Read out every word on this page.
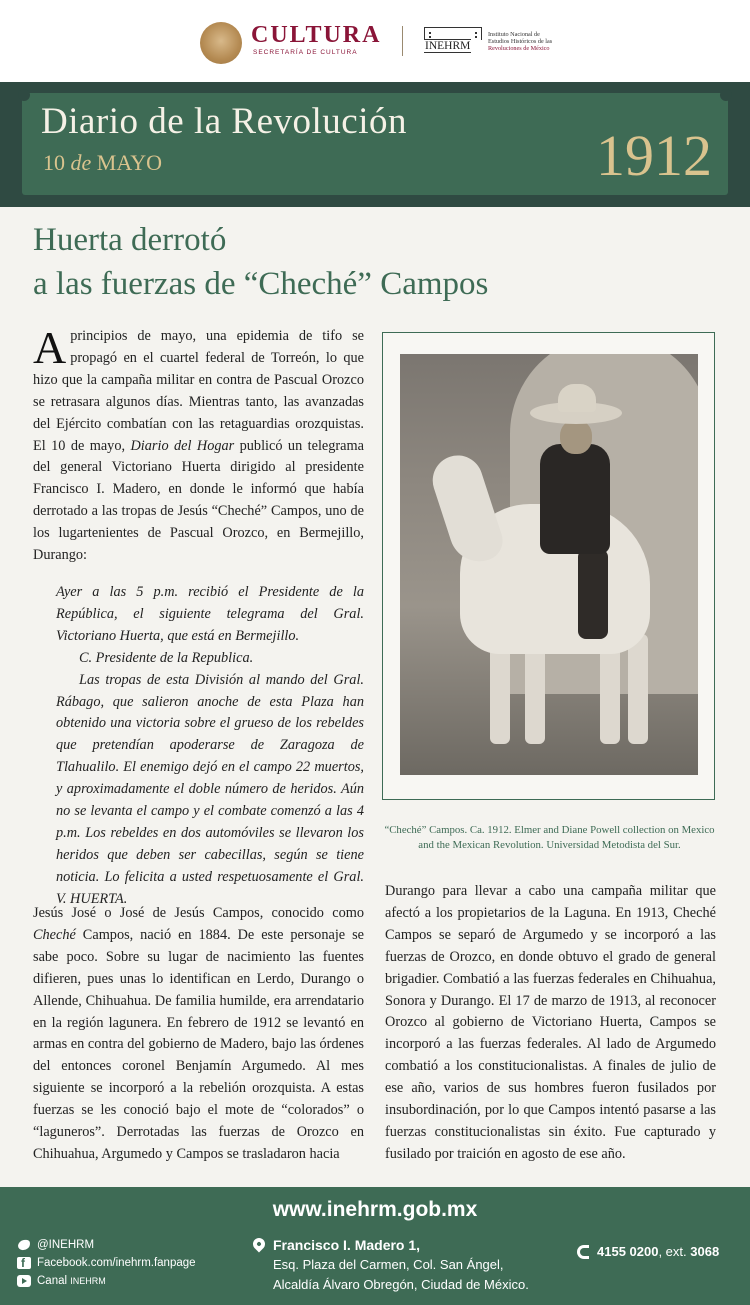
CULTURA
SECRETARÍA DE CULTURA
INEHRM
Instituto Nacional de
Estudios Históricos de las
Revoluciones de México
Diario de la Revolución
10 de MAYO	1912
Huerta derrotó
a las fuerzas de “Cheché” Campos
Aprincipios de mayo, una epidemia de tifo se propagó en el cuartel federal de Torreón, lo que hizo que la campaña militar en contra de Pascual Orozco se retrasara algunos días. Mientras tanto, las avanzadas del Ejército combatían con las retaguardias orozquistas. El 10 de mayo, Diario del Hogar publicó un telegrama del general Victoriano Huerta dirigido al presidente Francisco I. Madero, en donde le informó que había derrotado a las tropas de Jesús “Cheché” Campos, uno de los lugartenientes de Pascual Orozco, en Bermejillo, Durango:
Ayer a las 5 p.m. recibió el Presidente de la República, el siguiente telegrama del Gral. Victoriano Huerta, que está en Bermejillo.
C. Presidente de la Republica.
Las tropas de esta División al mando del Gral. Rábago, que salieron anoche de esta Plaza han obtenido una victoria sobre el grueso de los rebeldes que pretendían apoderarse de Zaragoza de Tlahualilo. El enemigo dejó en el campo 22 muertos, y aproximadamente el doble número de heridos. Aún no se levanta el campo y el combate comenzó a las 4 p.m. Los rebeldes en dos automóviles se llevaron los heridos que deben ser cabecillas, según se tiene noticia. Lo felicita a usted respetuosamente el Gral. V. HUERTA.
Jesús José o José de Jesús Campos, conocido como Cheché Campos, nació en 1884. De este personaje se sabe poco. Sobre su lugar de nacimiento las fuentes difieren, pues unas lo identifican en Lerdo, Durango o Allende, Chihuahua. De familia humilde, era arrendatario en la región lagunera. En febrero de 1912 se levantó en armas en contra del gobierno de Madero, bajo las órdenes del entonces coronel Benjamín Argumedo. Al mes siguiente se incorporó a la rebelión orozquista. A estas fuerzas se les conoció bajo el mote de “colorados” o “laguneros”. Derrotadas las fuerzas de Orozco en Chihuahua, Argumedo y Campos se trasladaron hacia
“Cheché” Campos. Ca. 1912. Elmer and Diane Powell collection on Mexico and the Mexican Revolution. Universidad Metodista del Sur.
Durango para llevar a cabo una campaña militar que afectó a los propietarios de la Laguna. En 1913, Cheché Campos se separó de Argumedo y se incorporó a las fuerzas de Orozco, en donde obtuvo el grado de general brigadier. Combatió a las fuerzas federales en Chihuahua, Sonora y Durango. El 17 de marzo de 1913, al reconocer Orozco al gobierno de Victoriano Huerta, Campos se incorporó a las fuerzas federales. Al lado de Argumedo combatió a los constitucionalistas. A finales de julio de ese año, varios de sus hombres fueron fusilados por insubordinación, por lo que Campos intentó pasarse a las fuerzas constitucionalistas sin éxito. Fue capturado y fusilado por traición en agosto de ese año.
www.inehrm.gob.mx
@INEHRM
f
Facebook.com/inehrm.fanpage
Canal
INEHRM
Francisco I. Madero 1,
Esq. Plaza del Carmen, Col. San Ángel,
Alcaldía Álvaro Obregón, Ciudad de México.
4155 0200, ext. 3068
